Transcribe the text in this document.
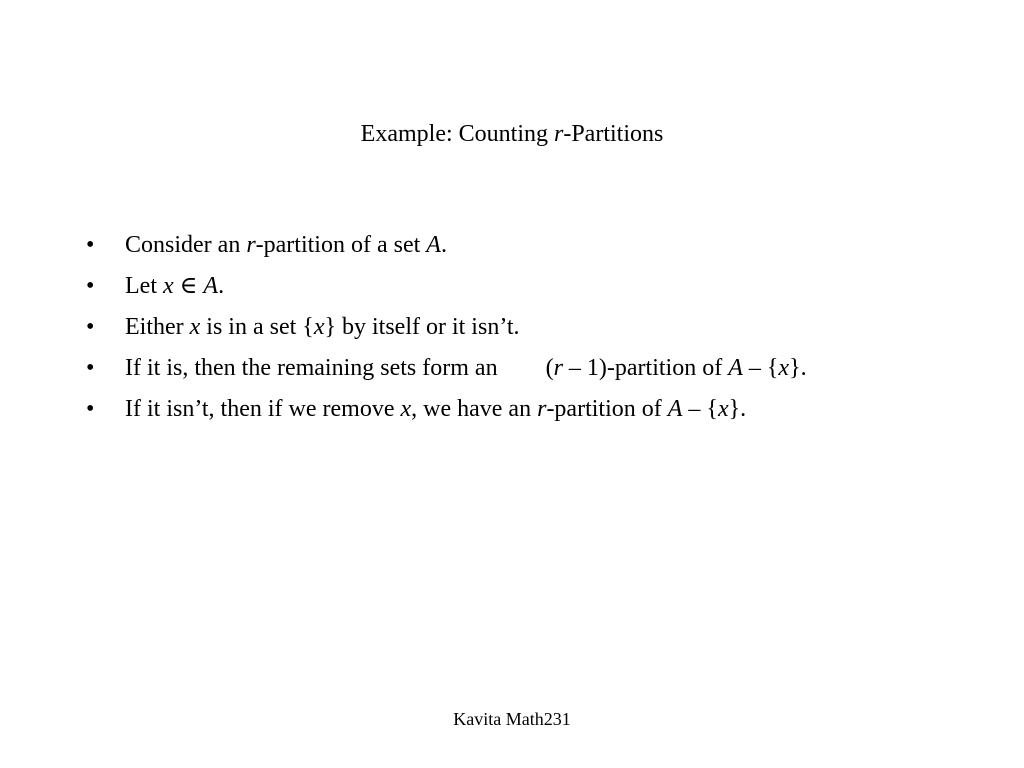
Example: Counting r-Partitions
•	Consider an r-partition of a set A.
•	Let x ∈ A.
•	Either x is in a set {x} by itself or it isn’t.
•	If it is, then the remaining sets form an (r – 1)-partition of A – {x}.
•	If it isn’t, then if we remove x, we have an r-partition of A – {x}.
Kavita Math231
